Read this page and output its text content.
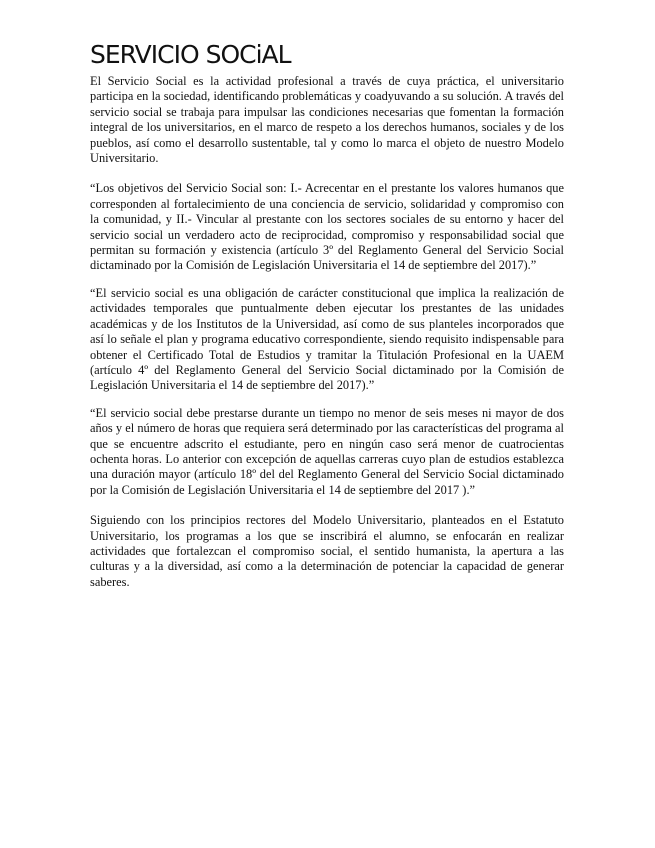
SERVICIO SOCiAL

El Servicio Social es la actividad profesional a través de cuya práctica, el universitario participa en la sociedad, identificando problemáticas y coadyuvando a su solución. A través del servicio social se trabaja para impulsar las condiciones necesarias que fomentan la formación integral de los universitarios, en el marco de respeto a los derechos humanos, sociales y de los pueblos, así como el desarrollo sustentable, tal y como lo marca el objeto de nuestro Modelo Universitario.

“Los objetivos del Servicio Social son: I.- Acrecentar en el prestante los valores humanos que corresponden al fortalecimiento de una conciencia de servicio, solidaridad y compromiso con la comunidad, y II.- Vincular al prestante con los sectores sociales de su entorno y hacer del servicio social un verdadero acto de reciprocidad, compromiso y responsabilidad social que permitan su formación y existencia (artículo 3º del Reglamento General del Servicio Social dictaminado por la Comisión de Legislación Universitaria el 14 de septiembre del 2017).”

“El servicio social es una obligación de carácter constitucional que implica la realización de actividades temporales que puntualmente deben ejecutar los prestantes de las unidades académicas y de los Institutos de la Universidad, así como de sus planteles incorporados que así lo señale el plan y programa educativo correspondiente, siendo requisito indispensable para obtener el Certificado Total de Estudios y tramitar la Titulación Profesional en la UAEM (artículo 4º del Reglamento General del Servicio Social dictaminado por la Comisión de Legislación Universitaria el 14 de septiembre del 2017).”

“El servicio social debe prestarse durante un tiempo no menor de seis meses ni mayor de dos años y el número de horas que requiera será determinado por las características del programa al que se encuentre adscrito el estudiante, pero en ningún caso será menor de cuatrocientas ochenta horas. Lo anterior con excepción de aquellas carreras cuyo plan de estudios establezca una duración mayor (artículo 18º del del Reglamento General del Servicio Social dictaminado por la Comisión de Legislación Universitaria el 14 de septiembre del 2017 ).”

Siguiendo con los principios rectores del Modelo Universitario, planteados en el Estatuto Universitario, los programas a los que se inscribirá el alumno, se enfocarán en realizar actividades que fortalezcan el compromiso social, el sentido humanista, la apertura a las culturas y a la diversidad, así como a la determinación de potenciar la capacidad de generar saberes.
